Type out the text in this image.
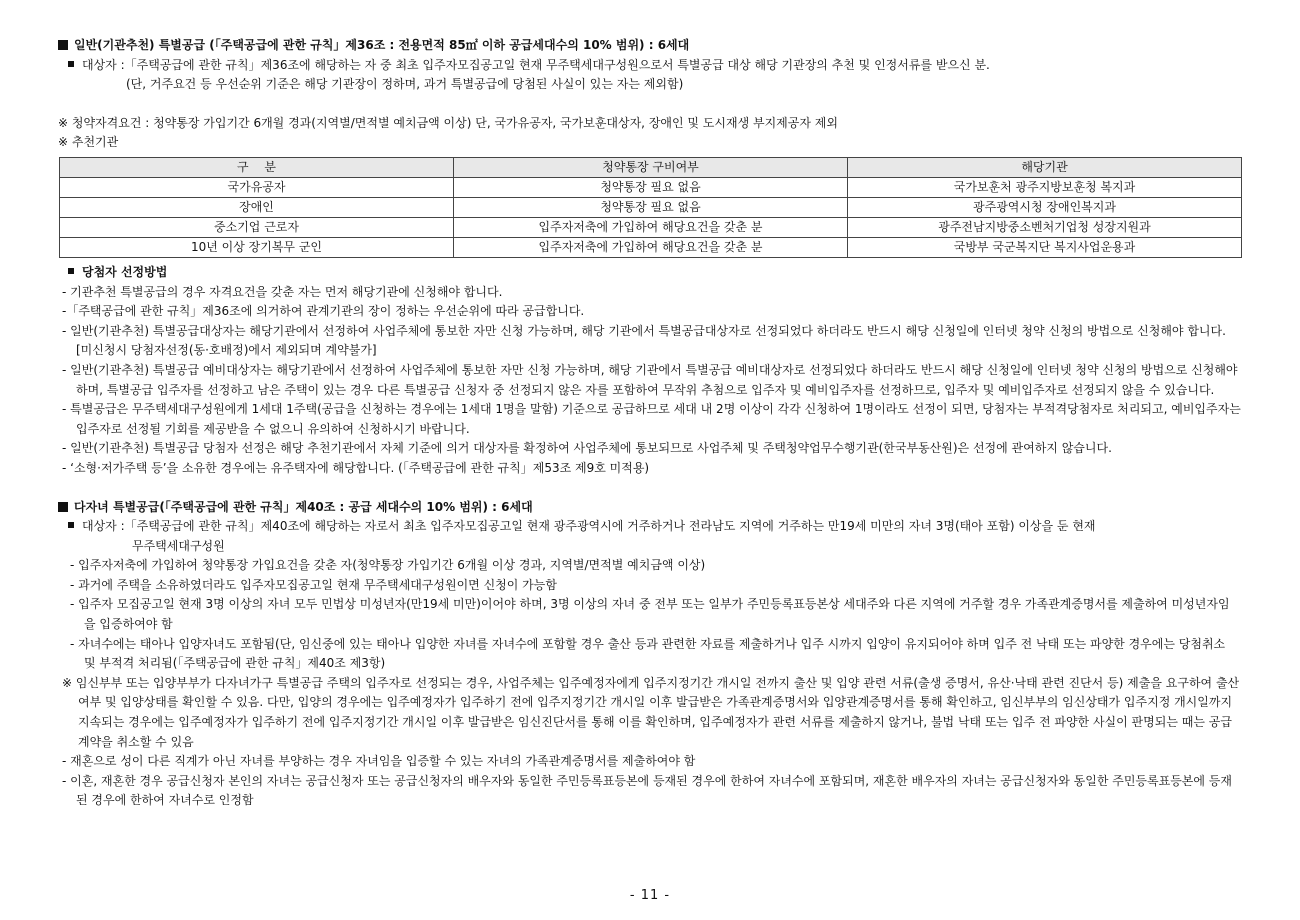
일반(기관추천) 특별공급 (「주택공급에 관한 규칙」제36조 : 전용면적 85㎡ 이하 공급세대수의 10% 범위) : 6세대

대상자 :「주택공급에 관한 규칙」제36조에 해당하는 자 중 최초 입주자모집공고일 현재 무주택세대구성원으로서 특별공급 대상 해당 기관장의 추천 및 인정서류를 받으신 분.

(단, 거주요건 등 우선순위 기준은 해당 기관장이 정하며, 과거 특별공급에 당첨된 사실이 있는 자는 제외함)

※ 청약자격요건 : 청약통장 가입기간 6개월 경과(지역별/면적별 예치금액 이상) 단, 국가유공자, 국가보훈대상자, 장애인 및 도시재생 부지제공자 제외

※ 추천기관

구　 분	청약통장 구비여부	해당기관
국가유공자	청약통장 필요 없음	국가보훈처 광주지방보훈청 복지과
장애인	청약통장 필요 없음	광주광역시청 장애인복지과
중소기업 근로자	입주자저축에 가입하여 해당요건을 갖춘 분	광주전남지방중소벤처기업청 성장지원과
10년 이상 장기복무 군인	입주자저축에 가입하여 해당요건을 갖춘 분	국방부 국군복지단 복지사업운용과

당첨자 선정방법

- 기관추천 특별공급의 경우 자격요건을 갖춘 자는 먼저 해당기관에 신청해야 합니다.

-「주택공급에 관한 규칙」제36조에 의거하여 관계기관의 장이 정하는 우선순위에 따라 공급합니다.

- 일반(기관추천) 특별공급대상자는 해당기관에서 선정하여 사업주체에 통보한 자만 신청 가능하며, 해당 기관에서 특별공급대상자로 선정되었다 하더라도 반드시 해당 신청일에 인터넷 청약 신청의 방법으로 신청해야 합니다. [미신청시 당첨자선정(동·호배정)에서 제외되며 계약불가]

- 일반(기관추천) 특별공급 예비대상자는 해당기관에서 선정하여 사업주체에 통보한 자만 신청 가능하며, 해당 기관에서 특별공급 예비대상자로 선정되었다 하더라도 반드시 해당 신청일에 인터넷 청약 신청의 방법으로 신청해야 하며, 특별공급 입주자를 선정하고 남은 주택이 있는 경우 다른 특별공급 신청자 중 선정되지 않은 자를 포함하여 무작위 추첨으로 입주자 및 예비입주자를 선정하므로, 입주자 및 예비입주자로 선정되지 않을 수 있습니다.

- 특별공급은 무주택세대구성원에게 1세대 1주택(공급을 신청하는 경우에는 1세대 1명을 말함) 기준으로 공급하므로 세대 내 2명 이상이 각각 신청하여 1명이라도 선정이 되면, 당첨자는 부적격당첨자로 처리되고, 예비입주자는 입주자로 선정될 기회를 제공받을 수 없으니 유의하여 신청하시기 바랍니다.

- 일반(기관추천) 특별공급 당첨자 선정은 해당 추천기관에서 자체 기준에 의거 대상자를 확정하여 사업주체에 통보되므로 사업주체 및 주택청약업무수행기관(한국부동산원)은 선정에 관여하지 않습니다.

- ‘소형·저가주택 등’을 소유한 경우에는 유주택자에 해당합니다. (「주택공급에 관한 규칙」제53조 제9호 미적용)

다자녀 특별공급(「주택공급에 관한 규칙」제40조 : 공급 세대수의 10% 범위) : 6세대

대상자 :「주택공급에 관한 규칙」제40조에 해당하는 자로서 최초 입주자모집공고일 현재 광주광역시에 거주하거나 전라남도 지역에 거주하는 만19세 미만의 자녀 3명(태아 포함) 이상을 둔 현재

무주택세대구성원

- 입주자저축에 가입하여 청약통장 가입요건을 갖춘 자(청약통장 가입기간 6개월 이상 경과, 지역별/면적별 예치금액 이상)

- 과거에 주택을 소유하였더라도 입주자모집공고일 현재 무주택세대구성원이면 신청이 가능함

- 입주자 모집공고일 현재 3명 이상의 자녀 모두 민법상 미성년자(만19세 미만)이어야 하며, 3명 이상의 자녀 중 전부 또는 일부가 주민등록표등본상 세대주와 다른 지역에 거주할 경우 가족관계증명서를 제출하여 미성년자임을 입증하여야 함

- 자녀수에는 태아나 입양자녀도 포함됨(단, 임신중에 있는 태아나 입양한 자녀를 자녀수에 포함할 경우 출산 등과 관련한 자료를 제출하거나 입주 시까지 입양이 유지되어야 하며 입주 전 낙태 또는 파양한 경우에는 당첨취소 및 부적격 처리됨(「주택공급에 관한 규칙」제40조 제3항)

※ 임신부부 또는 입양부부가 다자녀가구 특별공급 주택의 입주자로 선정되는 경우, 사업주체는 입주예정자에게 입주지정기간 개시일 전까지 출산 및 입양 관련 서류(출생 증명서, 유산·낙태 관련 진단서 등) 제출을 요구하여 출산여부 및 입양상태를 확인할 수 있음. 다만, 입양의 경우에는 입주예정자가 입주하기 전에 입주지정기간 개시일 이후 발급받은 가족관계증명서와 입양관계증명서를 통해 확인하고, 임신부부의 임신상태가 입주지정 개시일까지 지속되는 경우에는 입주예정자가 입주하기 전에 입주지정기간 개시일 이후 발급받은 임신진단서를 통해 이를 확인하며, 입주예정자가 관련 서류를 제출하지 않거나, 불법 낙태 또는 입주 전 파양한 사실이 판명되는 때는 공급계약을 취소할 수 있음

- 재혼으로 성이 다른 직계가 아닌 자녀를 부양하는 경우 자녀임을 입증할 수 있는 자녀의 가족관계증명서를 제출하여야 함

- 이혼, 재혼한 경우 공급신청자 본인의 자녀는 공급신청자 또는 공급신청자의 배우자와 동일한 주민등록표등본에 등재된 경우에 한하여 자녀수에 포함되며, 재혼한 배우자의 자녀는 공급신청자와 동일한 주민등록표등본에 등재된 경우에 한하여 자녀수로 인정함

- 11 -
